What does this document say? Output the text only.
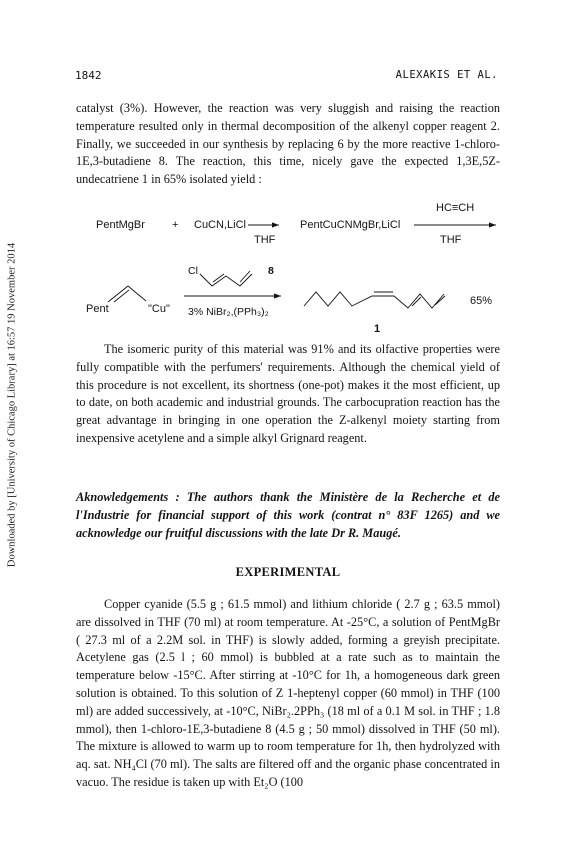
Downloaded by [University of Chicago Library] at 16:57 19 November 2014
1842	ALEXAKIS ET AL.

catalyst (3%). However, the reaction was very sluggish and raising the reaction temperature resulted only in thermal decomposition of the alkenyl copper reagent 2. Finally, we succeeded in our synthesis by replacing 6 by the more reactive 1-chloro-1E,3-butadiene 8. The reaction, this time, nicely gave the expected 1,3E,5Z-undecatriene 1 in 65% isolated yield :

PentMgBr + CuCN,LiCl
THF
PentCuCNMgBr,LiCl
HC≡CH
THF
Pent	"Cu"
Cl	8
3% NiBr₂,(PPh₃)₂
1
65%

The isomeric purity of this material was 91% and its olfactive properties were fully compatible with the perfumers' requirements. Although the chemical yield of this procedure is not excellent, its shortness (one-pot) makes it the most efficient, up to date, on both academic and industrial grounds. The carbocupration reaction has the great advantage in bringing in one operation the Z-alkenyl moiety starting from inexpensive acetylene and a simple alkyl Grignard reagent.

Aknowledgements : The authors thank the Ministère de la Recherche et de l'Industrie for financial support of this work (contrat n° 83F 1265) and we acknowledge our fruitful discussions with the late Dr R. Maugé.

EXPERIMENTAL

Copper cyanide (5.5 g ; 61.5 mmol) and lithium chloride ( 2.7 g ; 63.5 mmol) are dissolved in THF (70 ml) at room temperature. At -25°C, a solution of PentMgBr ( 27.3 ml of a 2.2M sol. in THF) is slowly added, forming a greyish precipitate. Acetylene gas (2.5 l ; 60 mmol) is bubbled at a rate such as to maintain the temperature below -15°C. After stirring at -10°C for 1h, a homogeneous dark green solution is obtained. To this solution of Z 1-heptenyl copper (60 mmol) in THF (100 ml) are added successively, at -10°C, NiBr₂.2PPh₃ (18 ml of a 0.1 M sol. in THF ; 1.8 mmol), then 1-chloro-1E,3-butadiene 8 (4.5 g ; 50 mmol) dissolved in THF (50 ml). The mixture is allowed to warm up to room temperature for 1h, then hydrolyzed with aq. sat. NH₄Cl (70 ml). The salts are filtered off and the organic phase concentrated in vacuo. The residue is taken up with Et₂O (100
